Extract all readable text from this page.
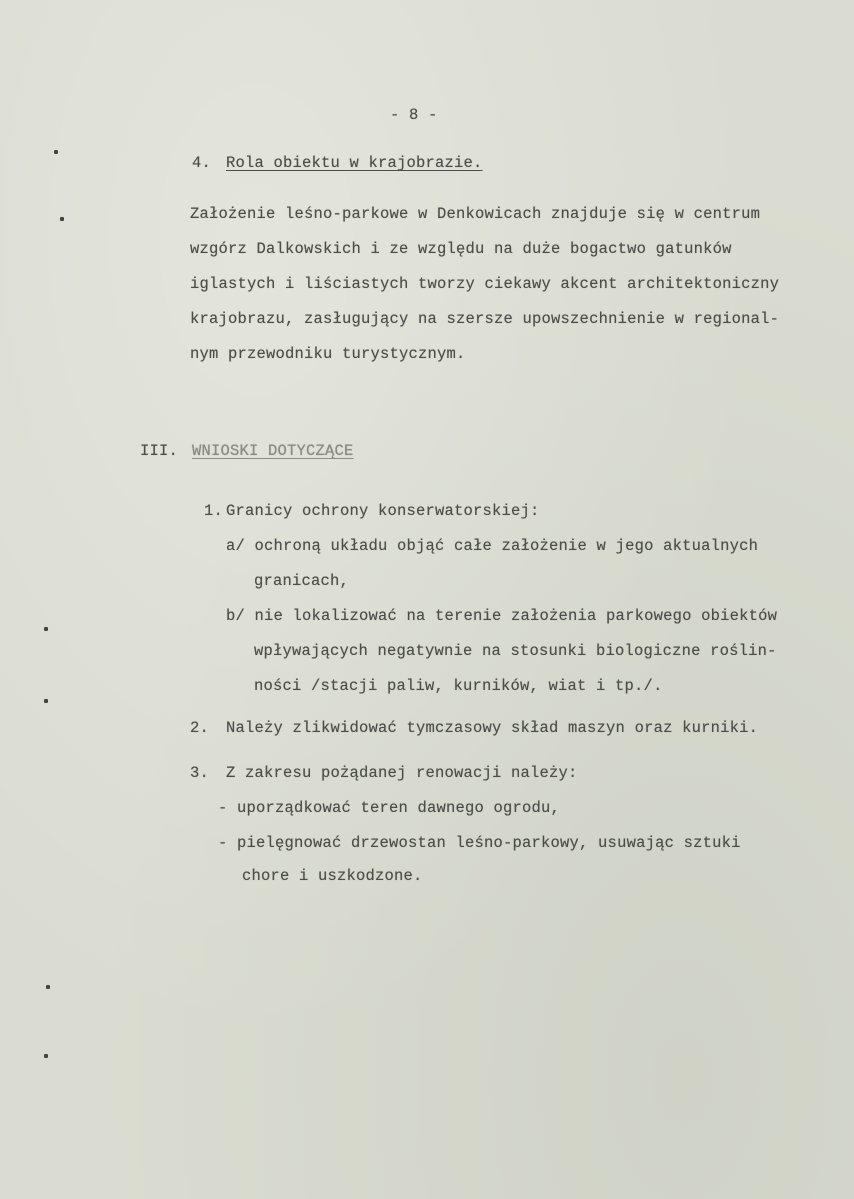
- 8 -
4. Rola obiektu w krajobrazie.
Założenie leśno-parkowe w Denkowicach znajduje się w centrum
wzgórz Dalkowskich i ze względu na duże bogactwo gatunków
iglastych i liściastych tworzy ciekawy akcent architektoniczny
krajobrazu, zasługujący na szersze upowszechnienie w regional-
nym przewodniku turystycznym.
III. WNIOSKI DOTYCZĄCE
1. Granicy ochrony konserwatorskiej:
a/ ochroną układu objąć całe założenie w jego aktualnych
granicach,
b/ nie lokalizować na terenie założenia parkowego obiektów
wpływających negatywnie na stosunki biologiczne roślin-
ności /stacji paliw, kurników, wiat i tp./.
2. Należy zlikwidować tymczasowy skład maszyn oraz kurniki.
3. Z zakresu pożądanej renowacji należy:
- uporządkować teren dawnego ogrodu,
- pielęgnować drzewostan leśno-parkowy, usuwając sztuki
chore i uszkodzone.
